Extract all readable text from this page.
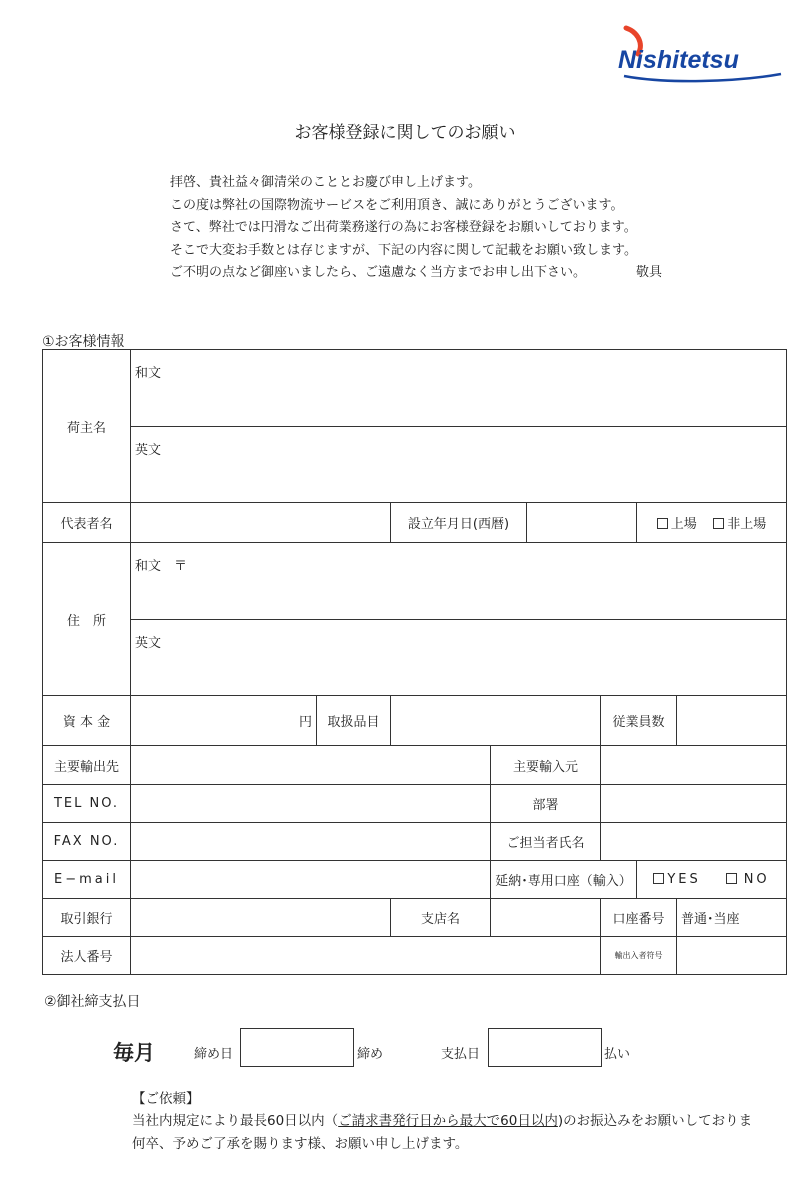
Nishitetsu
お客様登録に関してのお願い
拝啓、貴社益々御清栄のこととお慶び申し上げます。
この度は弊社の国際物流サービスをご利用頂き、誠にありがとうございます。
さて、弊社では円滑なご出荷業務遂行の為にお客様登録をお願いしております。
そこで大変お手数とは存じますが、下記の内容に関して記載をお願い致します。
ご不明の点など御座いましたら、ご遠慮なく当方までお申し出下さい。	敬具
①お客様情報
荷主名	和文							
	英文							
代表者名			設立年月日(西暦)				上場 非上場	
住　所	和文　〒							
	英文							
資 本 金	円	取扱品目				従業員数		
主要輸出先				主要輸入元				
TEL NO.				部署				
FAX NO.				ご担当者氏名				
E−mail				延納･専用口座（輸入）			YES NO	
取引銀行			支店名			口座番号		普通･当座
法人番号						輸出入者符号		
②御社締支払日
毎月	締め日	締め	支払日	払い
【ご依頼】
当社内規定により最長60日以内（ご請求書発行日から最大で60日以内)のお振込みをお願いしておりま
何卒、予めご了承を賜ります様、お願い申し上げます。
